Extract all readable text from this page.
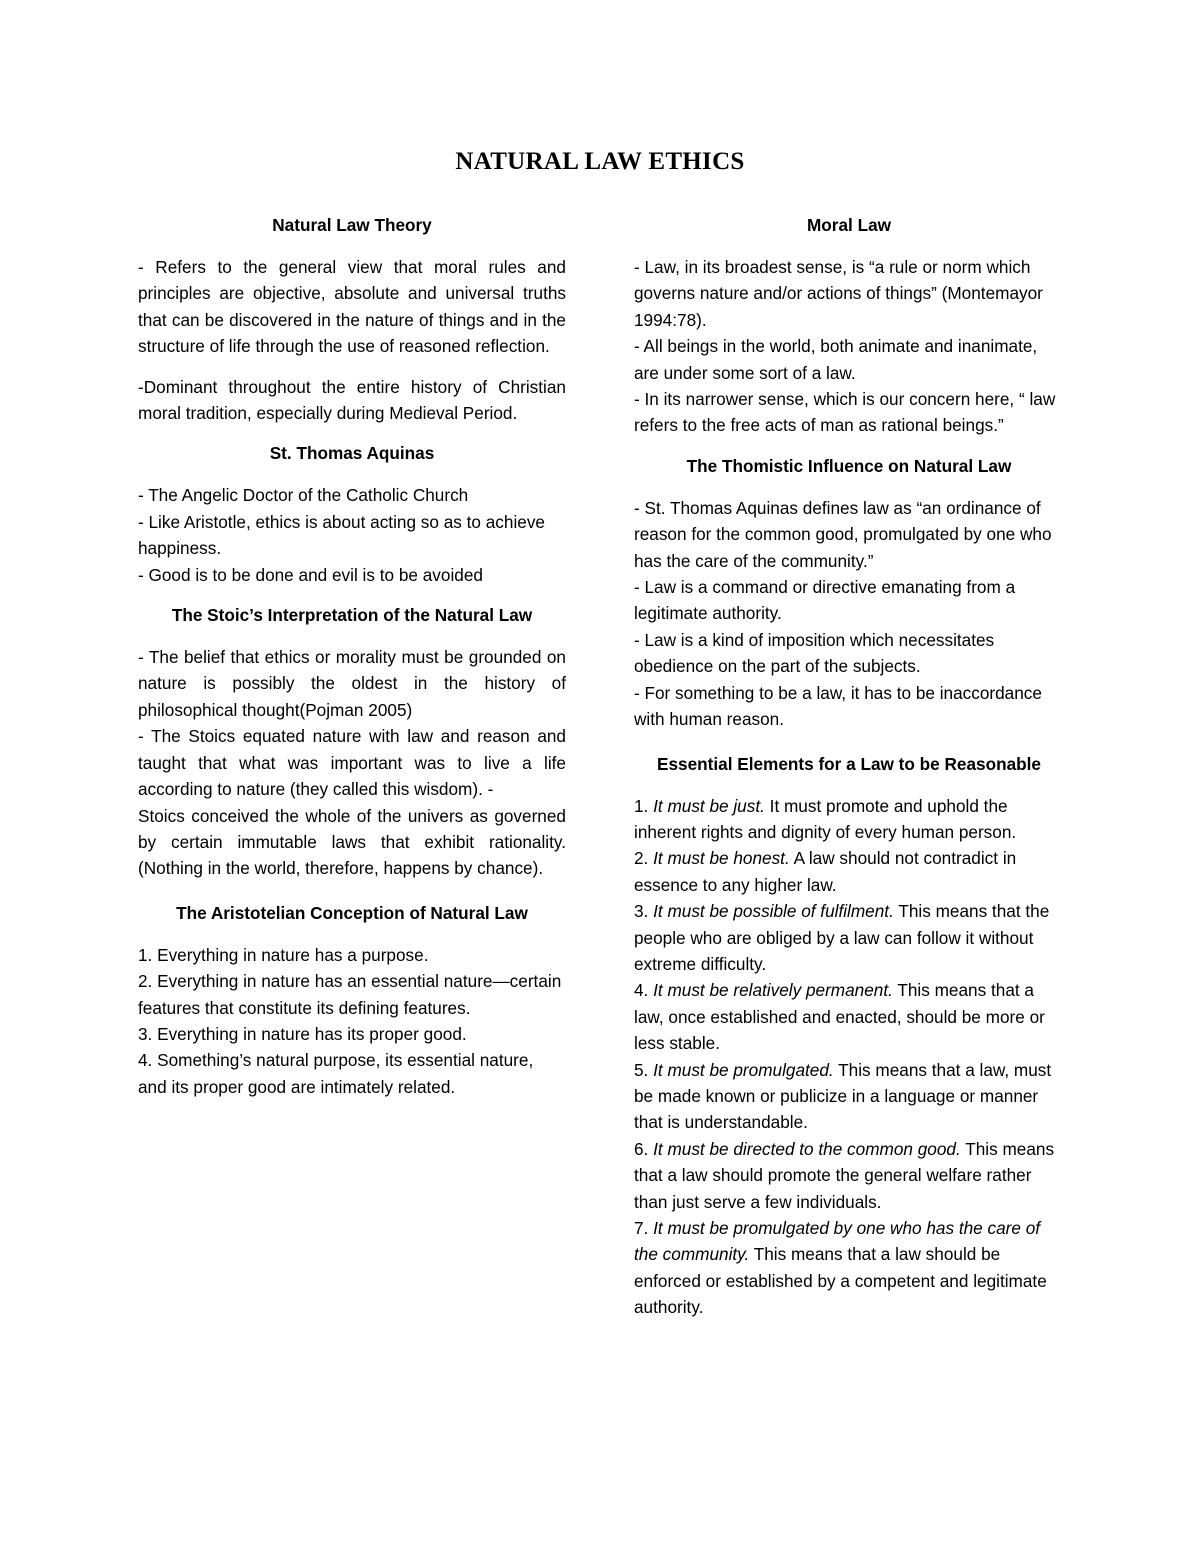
NATURAL LAW ETHICS
Natural Law Theory

- Refers to the general view that moral rules and principles are objective, absolute and universal truths that can be discovered in the nature of things and in the structure of life through the use of reasoned reflection.

-Dominant throughout the entire history of Christian moral tradition, especially during Medieval Period.

St. Thomas Aquinas

- The Angelic Doctor of the Catholic Church

- Like Aristotle, ethics is about acting so as to achieve happiness.

- Good is to be done and evil is to be avoided

The Stoic’s Interpretation of the Natural Law

- The belief that ethics or morality must be grounded on nature is possibly the oldest in the history of philosophical thought(Pojman 2005)

- The Stoics equated nature with law and reason and taught that what was important was to live a life according to nature (they called this wisdom). -

Stoics conceived the whole of the univers as governed by certain immutable laws that exhibit rationality. (Nothing in the world, therefore, happens by chance).

The Aristotelian Conception of Natural Law

1. Everything in nature has a purpose.

2. Everything in nature has an essential nature—certain features that constitute its defining features.

3. Everything in nature has its proper good.

4. Something’s natural purpose, its essential nature, and its proper good are intimately related.

Moral Law

- Law, in its broadest sense, is “a rule or norm which governs nature and/or actions of things” (Montemayor 1994:78).

- All beings in the world, both animate and inanimate, are under some sort of a law.

- In its narrower sense, which is our concern here, “ law refers to the free acts of man as rational beings.”

The Thomistic Influence on Natural Law

- St. Thomas Aquinas defines law as “an ordinance of reason for the common good, promulgated by one who has the care of the community.”

- Law is a command or directive emanating from a legitimate authority.

- Law is a kind of imposition which necessitates obedience on the part of the subjects.

- For something to be a law, it has to be inaccordance with human reason.

Essential Elements for a Law to be Reasonable

1. It must be just. It must promote and uphold the inherent rights and dignity of every human person.

2. It must be honest. A law should not contradict in essence to any higher law.

3. It must be possible of fulfilment. This means that the people who are obliged by a law can follow it without extreme difficulty.

4. It must be relatively permanent. This means that a law, once established and enacted, should be more or less stable.

5. It must be promulgated. This means that a law, must be made known or publicize in a language or manner that is understandable.

6. It must be directed to the common good. This means that a law should promote the general welfare rather than just serve a few individuals.

7. It must be promulgated by one who has the care of the community. This means that a law should be enforced or established by a competent and legitimate authority.
